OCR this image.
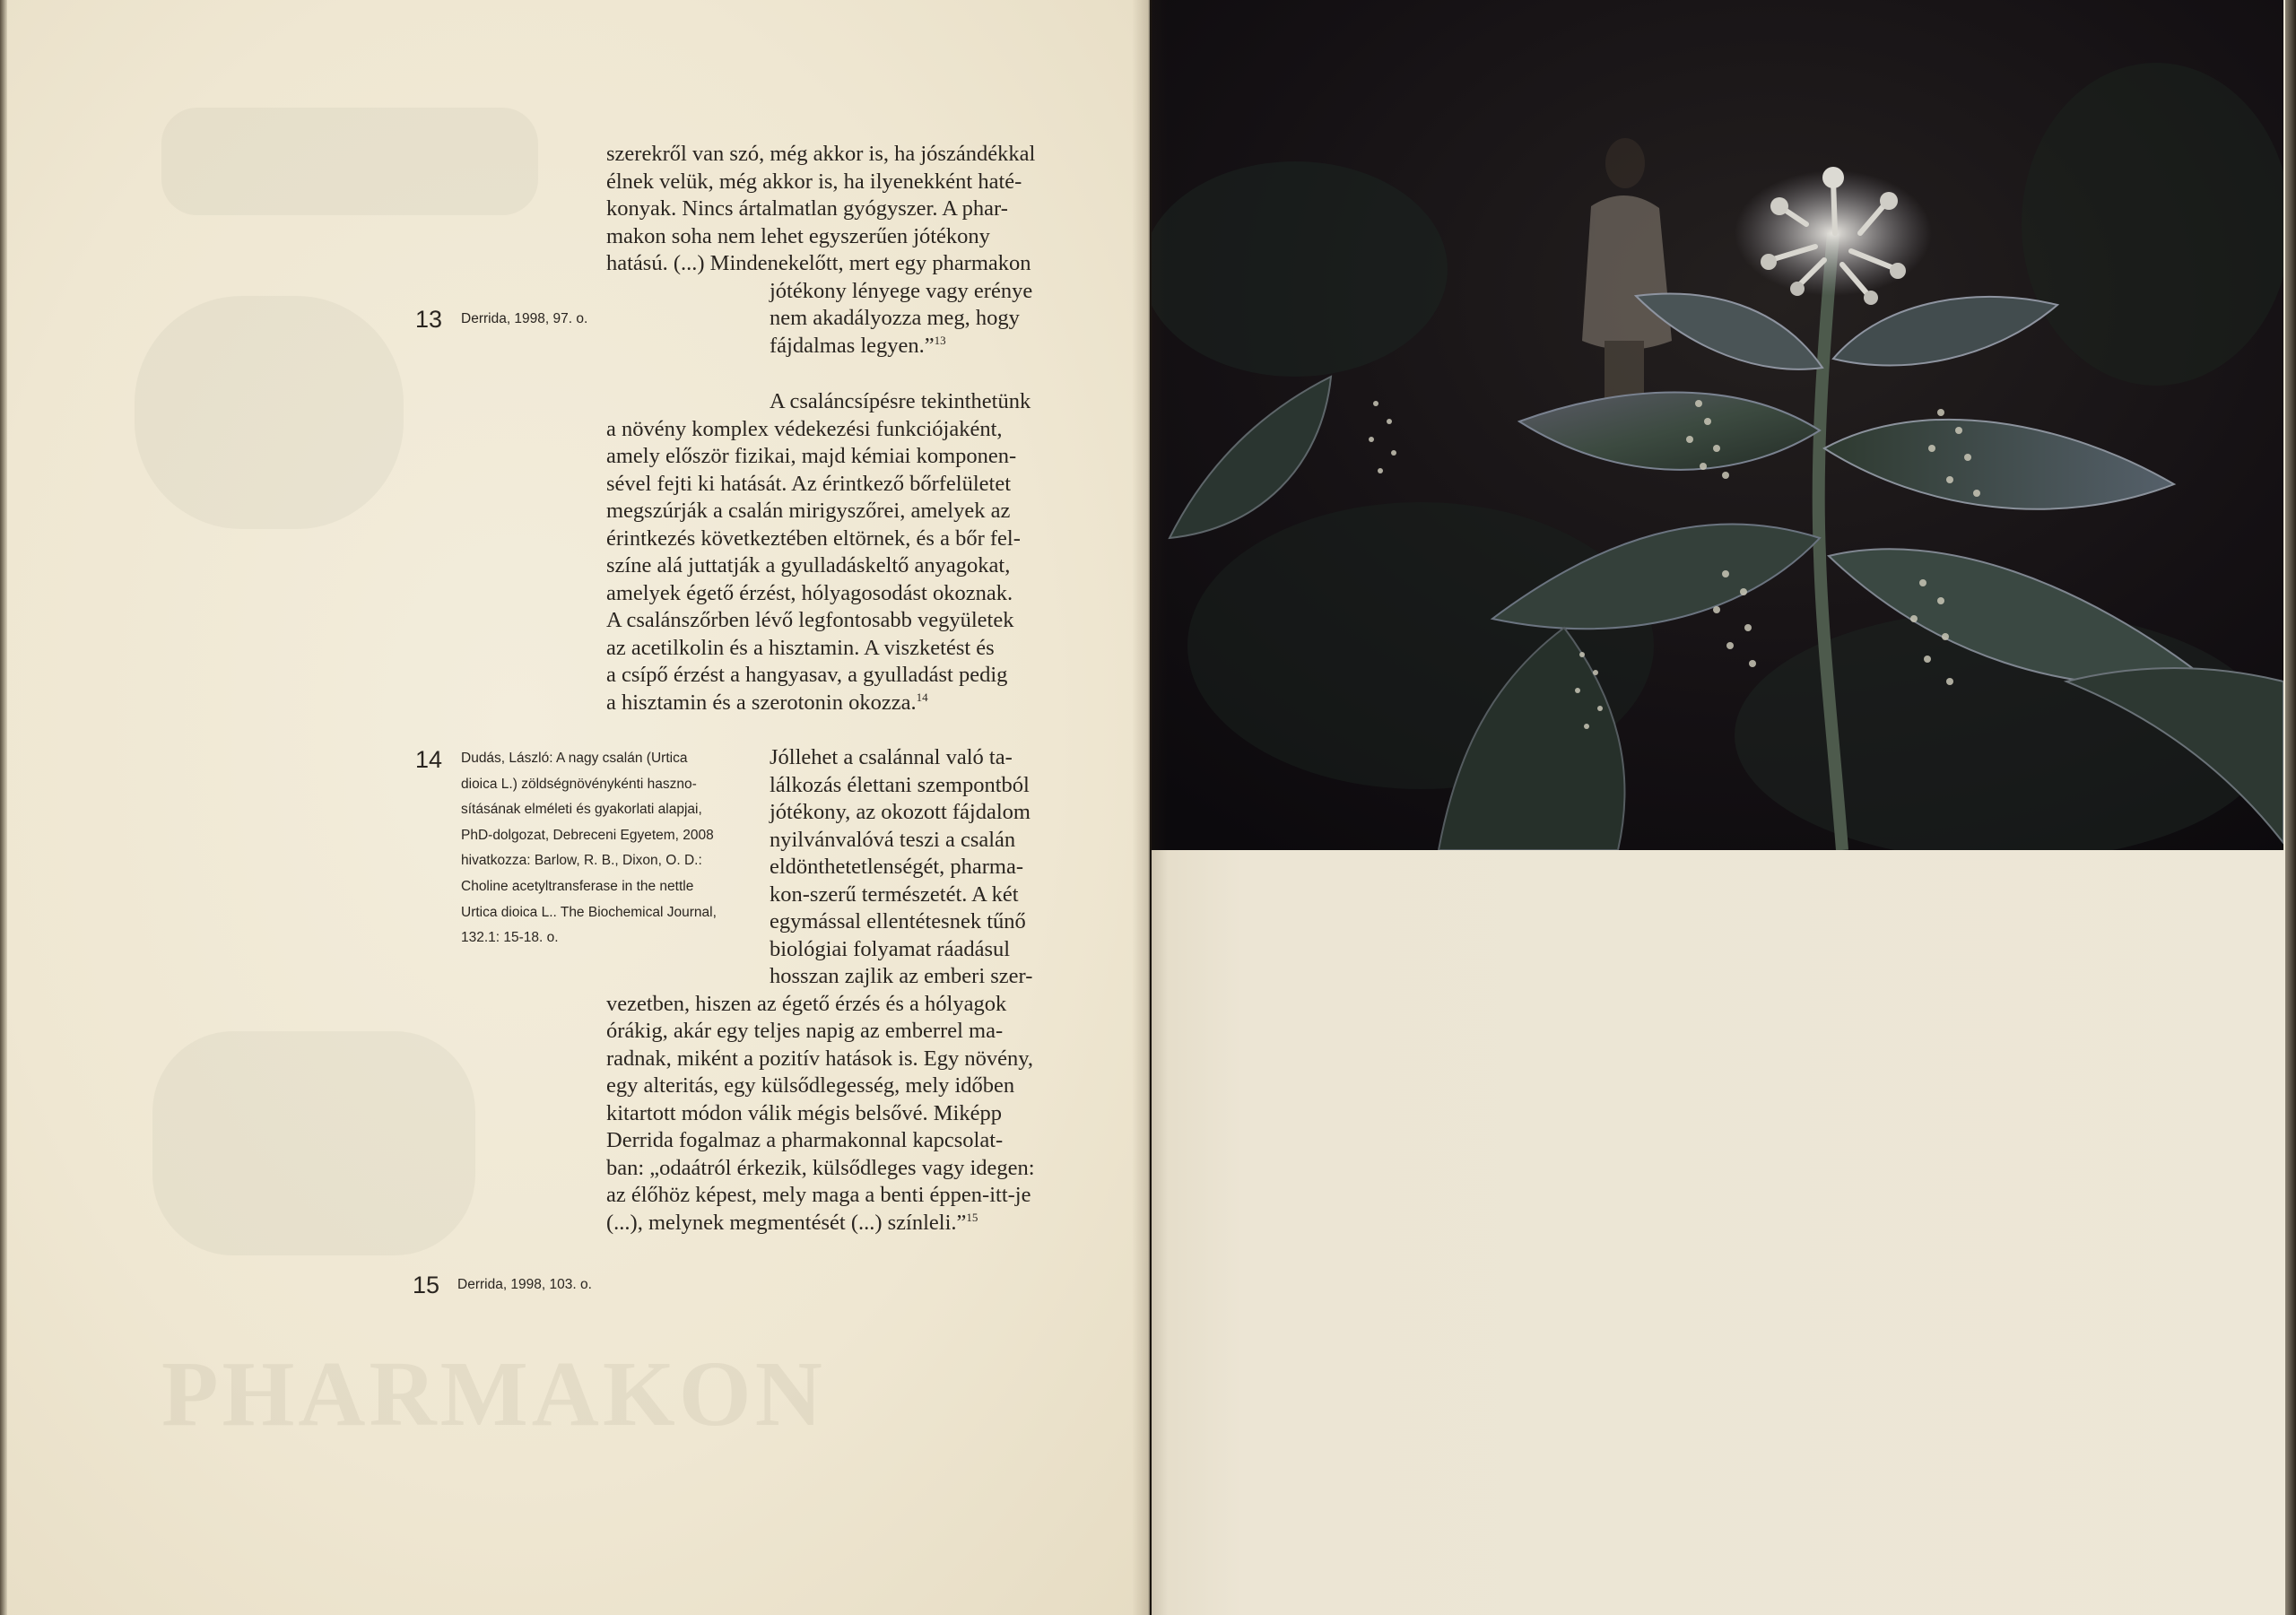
PHARMAKON

szerekről van szó, még akkor is, ha jószándékkal

élnek velük, még akkor is, ha ilyenekként haté-

konyak. Nincs ártalmatlan gyógyszer. A phar-

makon soha nem lehet egyszerűen jótékony

hatású. (...) Mindenekelőtt, mert egy pharmakon

jótékony lényege vagy erénye

nem akadályozza meg, hogy

fájdalmas legyen.”$^{13}$

A csaláncsípésre tekinthetünk

a növény komplex védekezési funkciójaként,

amely először fizikai, majd kémiai komponen-

sével fejti ki hatását. Az érintkező bőrfelületet

megszúrják a csalán mirigyszőrei, amelyek az

érintkezés következtében eltörnek, és a bőr fel-

színe alá juttatják a gyulladáskeltő anyagokat,

amelyek égető érzést, hólyagosodást okoznak.

A csalánszőrben lévő legfontosabb vegyületek

az acetilkolin és a hisztamin. A viszketést és

a csípő érzést a hangyasav, a gyulladást pedig

a hisztamin és a szerotonin okozza.$^{14}$

Jóllehet a csalánnal való ta-

lálkozás élettani szempontból

jótékony, az okozott fájdalom

nyilvánvalóvá teszi a csalán

eldönthetetlenségét, pharma-

kon-szerű természetét. A két

egymással ellentétesnek tűnő

biológiai folyamat ráadásul

hosszan zajlik az emberi szer-

vezetben, hiszen az égető érzés és a hólyagok

órákig, akár egy teljes napig az emberrel ma-

radnak, miként a pozitív hatások is. Egy növény,

egy alteritás, egy külsődlegesség, mely időben

kitartott módon válik mégis belsővé. Miképp

Derrida fogalmaz a pharmakonnal kapcsolat-

ban: „odaátról érkezik, külsődleges vagy idegen:

az élőhöz képest, mely maga a benti éppen-itt-je

(...), melynek megmentését (...) színleli.”$^{15}$

13 Derrida, 1998, 97. o.
14 Dudás, László: A nagy csalán (Urtica
dioica L.) zöldségnövénykénti haszno-
sításának elméleti és gyakorlati alapjai,
PhD-dolgozat, Debreceni Egyetem, 2008
hivatkozza: Barlow, R. B., Dixon, O. D.:
Choline acetyltransferase in the nettle
Urtica dioica L.. The Biochemical Journal,
132.1: 15-18. o.
15 Derrida, 1998, 103. o.
